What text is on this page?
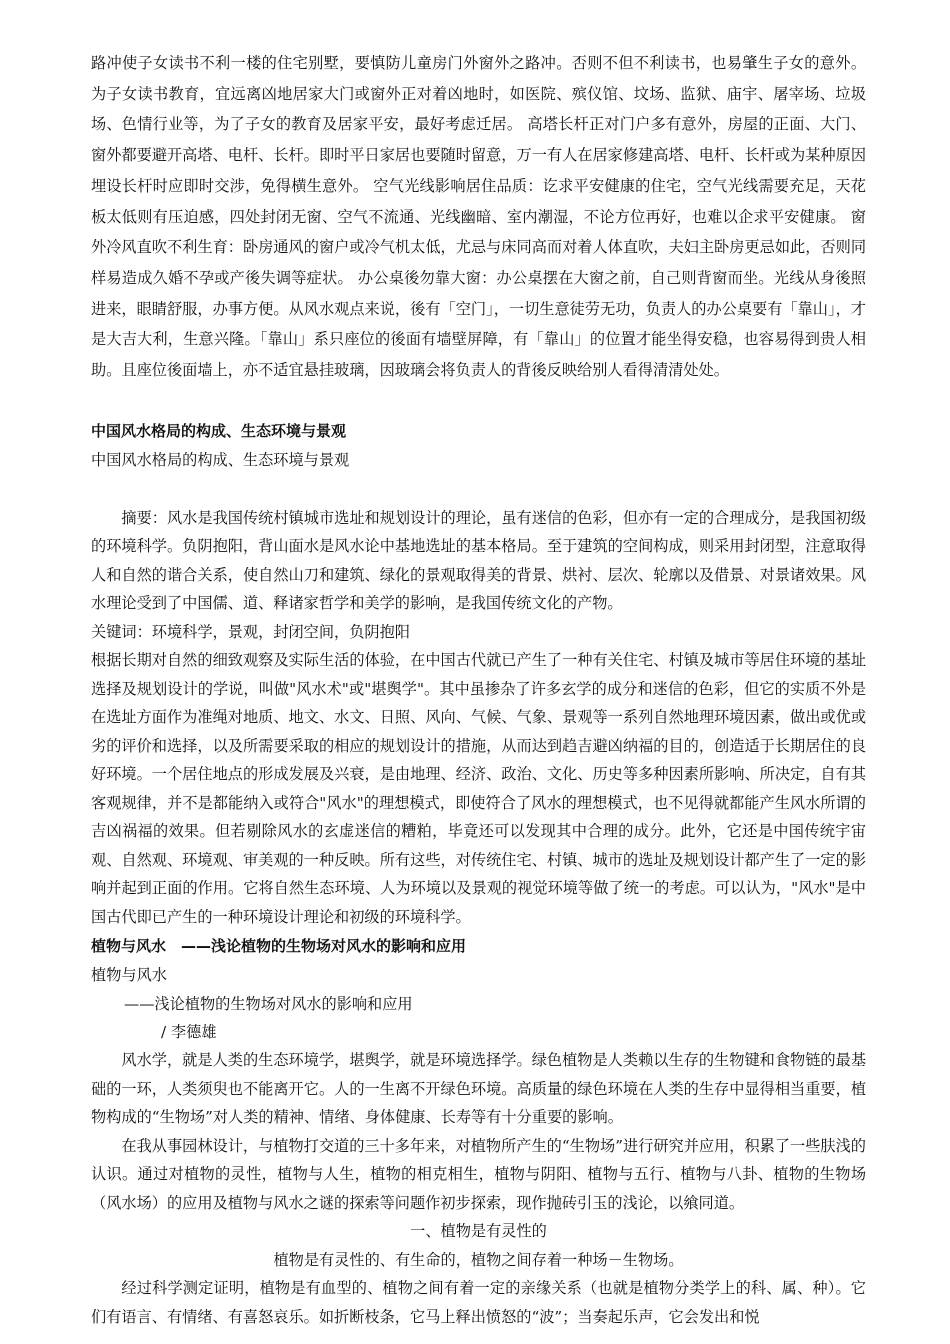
路冲使子女读书不利一楼的住宅别墅，要慎防儿童房门外窗外之路冲。否则不但不利读书，也易肇生子女的意外。 为子女读书教育，宜远离凶地居家大门或窗外正对着凶地时，如医院、殡仪馆、坟场、监狱、庙宇、屠宰场、垃圾场、色情行业等，为了子女的教育及居家平安，最好考虑迁居。 高塔长杆正对门户多有意外，房屋的正面、大门、窗外都要避开高塔、电杆、长杆。即时平日家居也要随时留意，万一有人在居家修建高塔、电杆、长杆或为某种原因埋设长杆时应即时交涉，免得横生意外。 空气光线影响居住品质：讫求平安健康的住宅，空气光线需要充足，天花板太低则有压迫感，四处封闭无窗、空气不流通、光线幽暗、室内潮湿，不论方位再好，也难以企求平安健康。 窗外冷风直吹不利生育：卧房通风的窗户或冷气机太低，尤忌与床同高而对着人体直吹，夫妇主卧房更忌如此，否则同样易造成久婚不孕或产後失调等症状。 办公桌後勿靠大窗：办公桌摆在大窗之前，自己则背窗而坐。光线从身後照进来，眼睛舒服，办事方便。从风水观点来说，後有「空门」，一切生意徒劳无功，负责人的办公桌要有「靠山」，才是大吉大利，生意兴隆。「靠山」系只座位的後面有墙壁屏障，有「靠山」的位置才能坐得安稳，也容易得到贵人相助。且座位後面墙上，亦不适宜悬挂玻璃，因玻璃会将负责人的背後反映给别人看得清清处处。

中国风水格局的构成、生态环境与景观

中国风水格局的构成、生态环境与景观

摘要：风水是我国传统村镇城市选址和规划设计的理论，虽有迷信的色彩，但亦有一定的合理成分，是我国初级的环境科学。负阴抱阳，背山面水是风水论中基地选址的基本格局。至于建筑的空间构成，则采用封闭型，注意取得人和自然的谐合关系，使自然山刀和建筑、绿化的景观取得美的背景、烘衬、层次、轮廓以及借景、对景诸效果。风水理论受到了中国儒、道、释诸家哲学和美学的影响，是我国传统文化的产物。

关键词：环境科学，景观，封闭空间，负阴抱阳

根据长期对自然的细致观察及实际生活的体验，在中国古代就已产生了一种有关住宅、村镇及城市等居住环境的基址选择及规划设计的学说，叫做"风水术"或"堪舆学"。其中虽掺杂了许多玄学的成分和迷信的色彩，但它的实质不外是在选址方面作为准绳对地质、地文、水文、日照、风向、气候、气象、景观等一系列自然地理环境因素，做出或优或劣的评价和选择，以及所需要采取的相应的规划设计的措施，从而达到趋吉避凶纳福的目的，创造适于长期居住的良好环境。一个居住地点的形成发展及兴衰，是由地理、经济、政治、文化、历史等多种因素所影响、所决定，自有其客观规律，并不是都能纳入或符合"风水"的理想模式，即使符合了风水的理想模式，也不见得就都能产生风水所谓的吉凶祸福的效果。但若剔除风水的玄虚迷信的糟粕，毕竟还可以发现其中合理的成分。此外，它还是中国传统宇宙观、自然观、环境观、审美观的一种反映。所有这些，对传统住宅、村镇、城市的选址及规划设计都产生了一定的影响并起到正面的作用。它将自然生态环境、人为环境以及景观的视觉环境等做了统一的考虑。可以认为，"风水"是中国古代即已产生的一种环境设计理论和初级的环境科学。

植物与风水　——浅论植物的生物场对风水的影响和应用

植物与风水

——浅论植物的生物场对风水的影响和应用

/ 李德雄

风水学，就是人类的生态环境学，堪舆学，就是环境选择学。绿色植物是人类赖以生存的生物键和食物链的最基础的一环，人类须臾也不能离开它。人的一生离不开绿色环境。高质量的绿色环境在人类的生存中显得相当重要，植物构成的“生物场”对人类的精神、情绪、身体健康、长寿等有十分重要的影响。

在我从事园林设计，与植物打交道的三十多年来，对植物所产生的“生物场”进行研究并应用，积累了一些肤浅的认识。通过对植物的灵性，植物与人生，植物的相克相生，植物与阴阳、植物与五行、植物与八卦、植物的生物场（风水场）的应用及植物与风水之谜的探索等问题作初步探索，现作抛砖引玉的浅论，以飨同道。

一、植物是有灵性的

植物是有灵性的、有生命的，植物之间存着一种场－生物场。

经过科学测定证明，植物是有血型的、植物之间有着一定的亲缘关系（也就是植物分类学上的科、属、种）。它们有语言、有情绪、有喜怒哀乐。如折断枝条，它马上释出愤怒的“波”；当奏起乐声，它会发出和悦
